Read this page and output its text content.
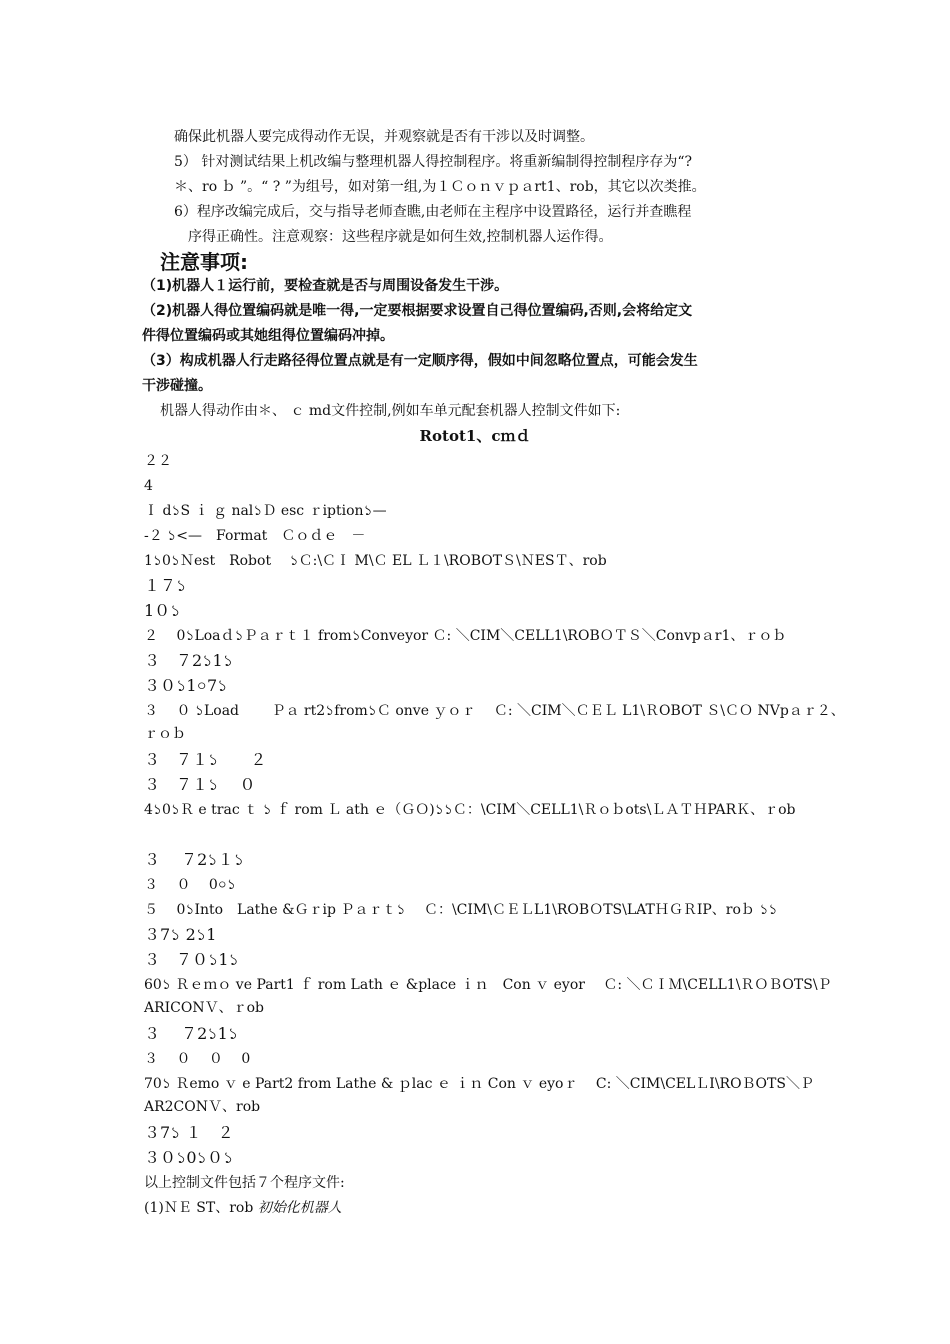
确保此机器人要完成得动作无误，并观察就是否有干涉以及时调整。
5） 针对测试结果上机改编与整理机器人得控制程序。将重新编制得控制程序存为“?
＊、ro ｂ ”。“ ? ”为组号，如对第一组,为１Ｃｏｎｖｐａrt1、rob，其它以次类推。
6）程序改编完成后，交与指导老师查瞧,由老师在主程序中设置路径，运行并查瞧程
序得正确性。注意观察：这些程序就是如何生效,控制机器人运作得。
注意事项:
（1)机器人１运行前，要检查就是否与周围设备发生干涉。
（2)机器人得位置编码就是唯一得,一定要根据要求设置自己得位置编码,否则,会将给定文
件得位置编码或其她组得位置编码冲掉。
（3）构成机器人行走路径得位置点就是有一定顺序得，假如中间忽略位置点，可能会发生
干涉碰撞。
机器人得动作由＊、 ｃ md文件控制,例如车单元配套机器人控制文件如下:
Rotot1、cｍｄ
２２
4
Ｉ d১S ｉ ｇ nal১Ｄ esc ｒiption১—
-２ ১<—　Format　Ｃｏｄｅ　－
1১0১Ｎest　Robot　 ১Ｃ:\ＣＩ M\Ｃ EL Ｌ１\ROBOTＳ\ＮESＴ、rob
１７১
1０১
２　 0১Loaｄ১Ｐａｒｔ１ from১Conveyor Ｃ: ＼CIM＼CELL1\ROBＯＴＳ＼Convpａr1、ｒｏｂ
３　７2১1১
３０১1০7১
３　 ０ ১Load　　 Ｐａ rt2১from১Ｃ onve ｙｏｒ　 Ｃ: ＼CIM＼ＣＥＬ L1\ＲOBOT Ｓ\ＣＯ NVpａｒ２、
ｒｏｂ
３　７１১　　２
３　７１১　 ０
4১0১Ｒ e trac ｔ ১ ｆ rom Ｌ ath ｅ（ＧＯ)১১Ｃ：\CIM＼CELL1\Ｒｏｂots\ＬＡＴＨPARＫ、ｒob
３　 ７2১１১
３　 ０　 0০১
５　 0১Into　Lathe &Ｇｒip Ｐａｒｔ১　 Ｃ：\CIM\ＣＥＬL1\ROBＯTS\LATＨＧＲIP、roｂ ১১
３7১ 2১1
３　７０১1১
60১ Ｒｅｍｏ ve Part1 ｆ rom Lath ｅ &place ｉｎ　Con ｖ eyor　 Ｃ: ＼ＣＩＭ\CELL1\ＲＯＢOTS\Ｐ
ARⅠCONＶ、ｒob
３　 ７2১1১
３　 ０　 ０　 0
70১ Ｒemo ｖ e Part2 from Lathe & ｐlac ｅ ｉｎ Con ｖ eyoｒ　 C: ＼CIM\CELＬⅠ\ROＢOTS＼Ｐ
AR2CONＶ、rob
３7১ １　２
３０১0১０১
以上控制文件包括７个程序文件:
(1)ＮＥ ST、rob 初始化机器人
